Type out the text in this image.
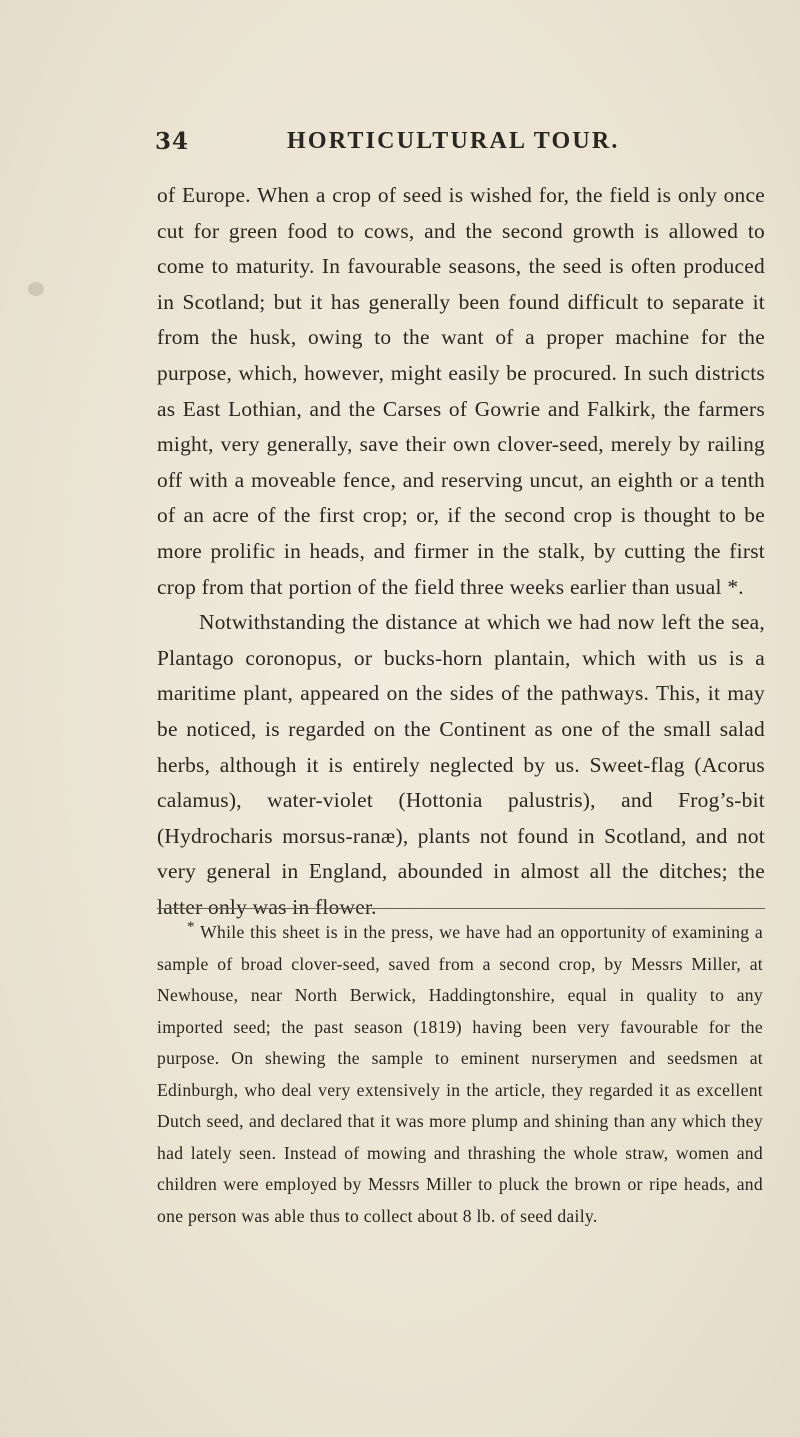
34	HORTICULTURAL TOUR.

of Europe. When a crop of seed is wished for, the field is only once cut for green food to cows, and the second growth is allowed to come to maturity. In favourable seasons, the seed is often produced in Scotland; but it has generally been found difficult to separate it from the husk, owing to the want of a proper machine for the purpose, which, however, might easily be procured. In such districts as East Lothian, and the Carses of Gowrie and Falkirk, the farmers might, very generally, save their own clover-seed, merely by railing off with a moveable fence, and reserving uncut, an eighth or a tenth of an acre of the first crop; or, if the second crop is thought to be more prolific in heads, and firmer in the stalk, by cutting the first crop from that portion of the field three weeks earlier than usual *.

Notwithstanding the distance at which we had now left the sea, Plantago coronopus, or bucks-horn plantain, which with us is a maritime plant, appeared on the sides of the pathways. This, it may be noticed, is regarded on the Continent as one of the small salad herbs, although it is entirely neglected by us. Sweet-flag (Acorus calamus), water-violet (Hottonia palustris), and Frog’s-bit (Hydrocharis morsus-ranæ), plants not found in Scotland, and not very general in England, abounded in almost all the ditches; the latter only was in flower.

* While this sheet is in the press, we have had an opportunity of examining a sample of broad clover-seed, saved from a second crop, by Messrs Miller, at Newhouse, near North Berwick, Haddingtonshire, equal in quality to any imported seed; the past season (1819) having been very favourable for the purpose. On shewing the sample to eminent nurserymen and seedsmen at Edinburgh, who deal very extensively in the article, they regarded it as excellent Dutch seed, and declared that it was more plump and shining than any which they had lately seen. Instead of mowing and thrashing the whole straw, women and children were employed by Messrs Miller to pluck the brown or ripe heads, and one person was able thus to collect about 8 lb. of seed daily.
